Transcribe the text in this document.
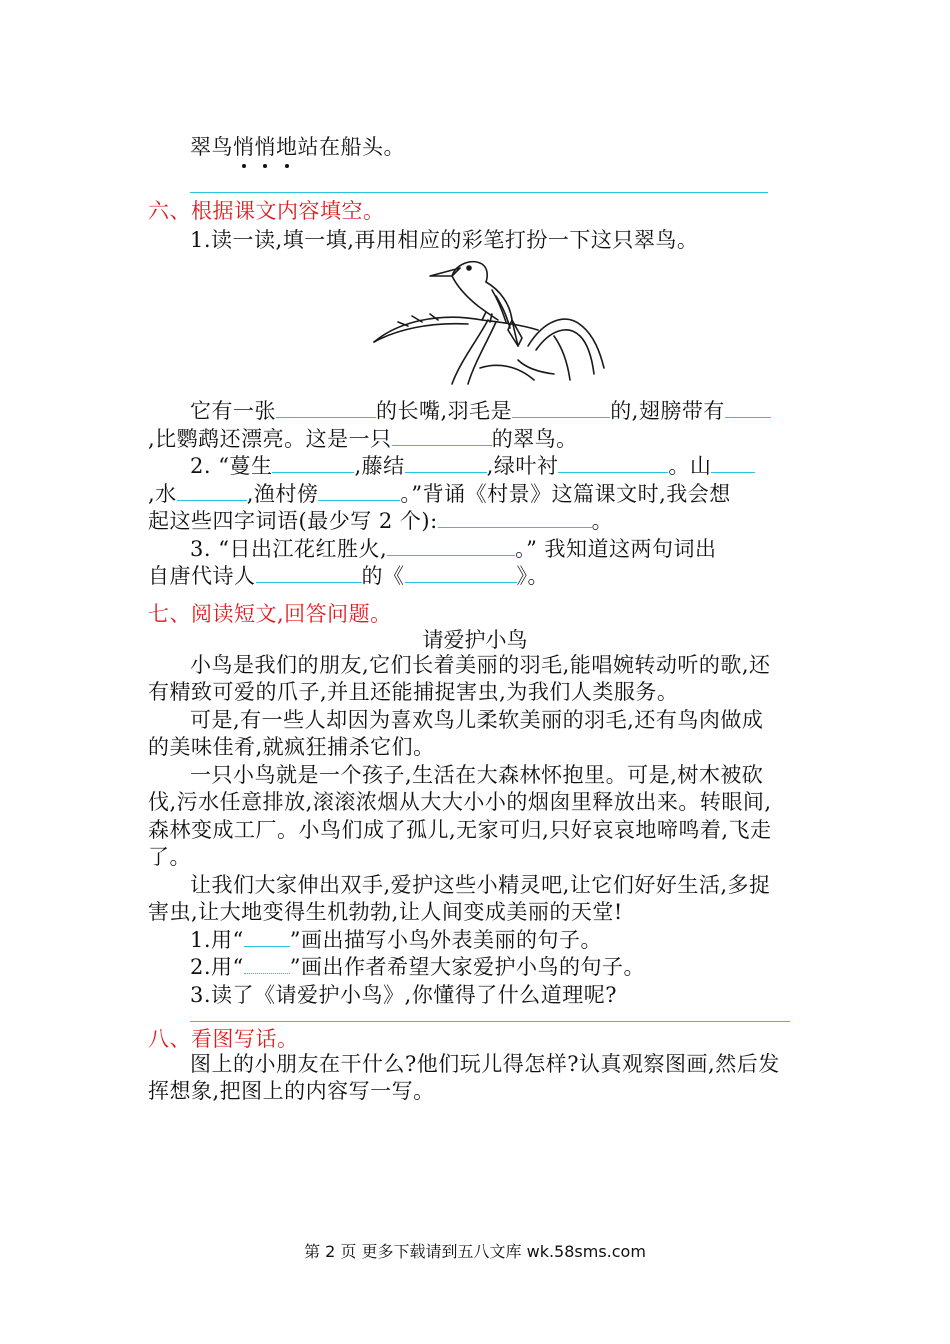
翠鸟悄悄地站在船头。
六、根据课文内容填空。
1.读一读,填一填,再用相应的彩笔打扮一下这只翠鸟。
它有一张	的长嘴,羽毛是	的,翅膀带有
,比鹦鹉还漂亮。这是一只	的翠鸟。
2. “蔓生	,藤结	,绿叶衬	。山
,水	,渔村傍	。”背诵《村景》这篇课文时,我会想
起这些四字词语(最少写 2 个):	。
3. “日出江花红胜火,	。” 我知道这两句词出
自唐代诗人	的《	》。
七、阅读短文,回答问题。
请爱护小鸟
小鸟是我们的朋友,它们长着美丽的羽毛,能唱婉转动听的歌,还
有精致可爱的爪子,并且还能捕捉害虫,为我们人类服务。
可是,有一些人却因为喜欢鸟儿柔软美丽的羽毛,还有鸟肉做成
的美味佳肴,就疯狂捕杀它们。
一只小鸟就是一个孩子,生活在大森林怀抱里。可是,树木被砍
伐,污水任意排放,滚滚浓烟从大大小小的烟囱里释放出来。转眼间,
森林变成工厂。小鸟们成了孤儿,无家可归,只好哀哀地啼鸣着,飞走
了。
让我们大家伸出双手,爱护这些小精灵吧,让它们好好生活,多捉
害虫,让大地变得生机勃勃,让人间变成美丽的天堂!
1.用“ ”画出描写小鸟外表美丽的句子。
2.用“ ”画出作者希望大家爱护小鸟的句子。
3.读了《请爱护小鸟》,你懂得了什么道理呢?
八、看图写话。
图上的小朋友在干什么?他们玩儿得怎样?认真观察图画,然后发
挥想象,把图上的内容写一写。
第 2 页 更多下载请到五八文库 wk.58sms.com
